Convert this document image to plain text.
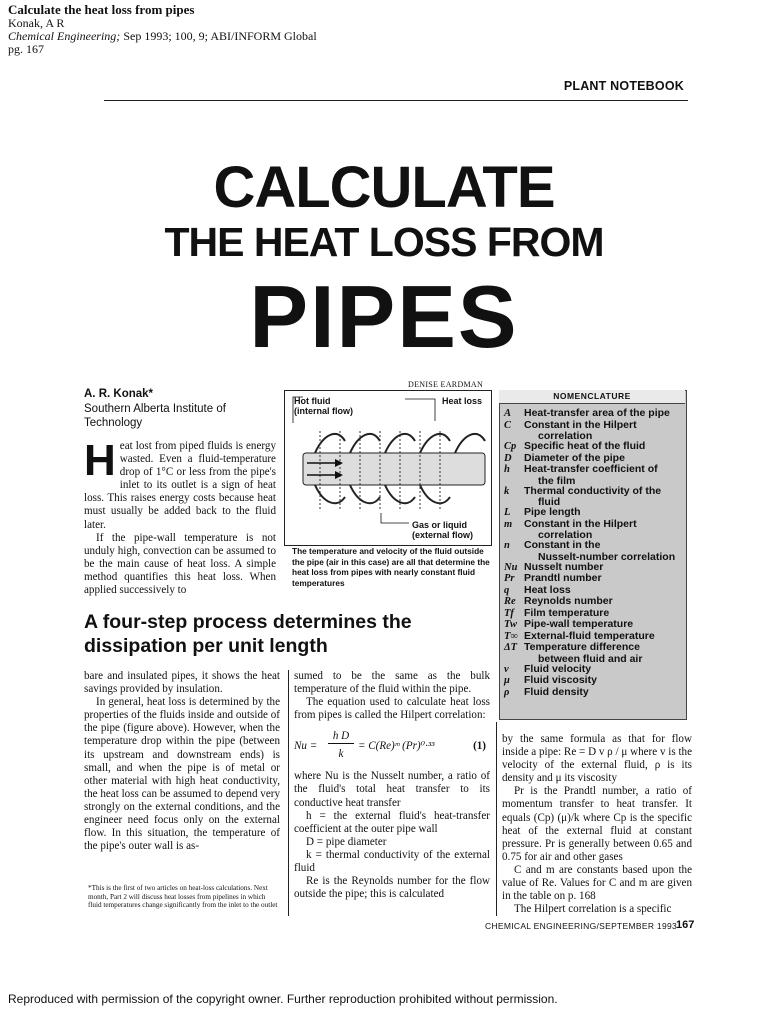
Calculate the heat loss from pipes
Konak, A R
Chemical Engineering; Sep 1993; 100, 9; ABI/INFORM Global
pg. 167
PLANT NOTEBOOK
CALCULATE
THE HEAT LOSS FROM
PIPES
A. R. Konak*
Southern Alberta Institute of Technology
DENISE EARDMAN

Heat lost from piped fluids is energy wasted. Even a fluid-temperature drop of 1°C or less from the pipe's inlet to its outlet is a sign of heat loss. This raises energy costs because heat must usually be added back to the fluid later.

If the pipe-wall temperature is not unduly high, convection can be assumed to be the main cause of heat loss. A simple method quantifies this heat loss. When applied successively to

Hot fluid
(internal flow)
Heat loss
Gas or liquid
(external flow)
The temperature and velocity of the fluid outside the pipe (air in this case) are all that determine the heat loss from pipes with nearly constant fluid temperatures
NOMENCLATURE
A	Heat-transfer area of the pipe
C	Constant in the Hilpert
correlation
Cp Specific heat of the fluid
D	Diameter of the pipe
h	Heat-transfer coefficient of
the film
k	Thermal conductivity of the
fluid
L	Pipe length
m	Constant in the Hilpert
correlation
n	Constant in the
Nusselt-number correlation
Nu Nusselt number
Pr Prandtl number
q	Heat loss
Re Reynolds number
Tf Film temperature
Tw Pipe-wall temperature
T∞ External-fluid temperature
ΔT Temperature difference
between fluid and air
v	Fluid velocity
μ	Fluid viscosity
ρ	Fluid density
A four-step process determines the dissipation per unit length

bare and insulated pipes, it shows the heat savings provided by insulation.

In general, heat loss is determined by the properties of the fluids inside and outside of the pipe (figure above). However, when the temperature drop within the pipe (between its upstream and downstream ends) is small, and when the pipe is of metal or other material with high heat conductivity, the heat loss can be assumed to depend very strongly on the external conditions, and the engineer need focus only on the external flow. In this situation, the temperature of the pipe's outer wall is as-

*This is the first of two articles on heat-loss calculations. Next month, Part 2 will discuss heat losses from pipelines in which fluid temperatures change significantly from the inlet to the outlet

sumed to be the same as the bulk temperature of the fluid within the pipe.

The equation used to calculate heat loss from pipes is called the Hilpert correlation:

Nu =
h D
k
= C(Re)ᵐ (Pr)⁰·³³	(1)

where Nu is the Nusselt number, a ratio of the fluid's total heat transfer to its conductive heat transfer

h = the external fluid's heat-transfer coefficient at the outer pipe wall

D = pipe diameter

k = thermal conductivity of the external fluid

Re is the Reynolds number for the flow outside the pipe; this is calculated

by the same formula as that for flow inside a pipe: Re = D v ρ / μ where v is the velocity of the external fluid, ρ is its density and μ its viscosity

Pr is the Prandtl number, a ratio of momentum transfer to heat transfer. It equals (Cp) (μ)/k where Cp is the specific heat of the external fluid at constant pressure. Pr is generally between 0.65 and 0.75 for air and other gases

C and m are constants based upon the value of Re. Values for C and m are given in the table on p. 168

The Hilpert correlation is a specific

CHEMICAL ENGINEERING/SEPTEMBER 1993
167
Reproduced with permission of the copyright owner. Further reproduction prohibited without permission.
